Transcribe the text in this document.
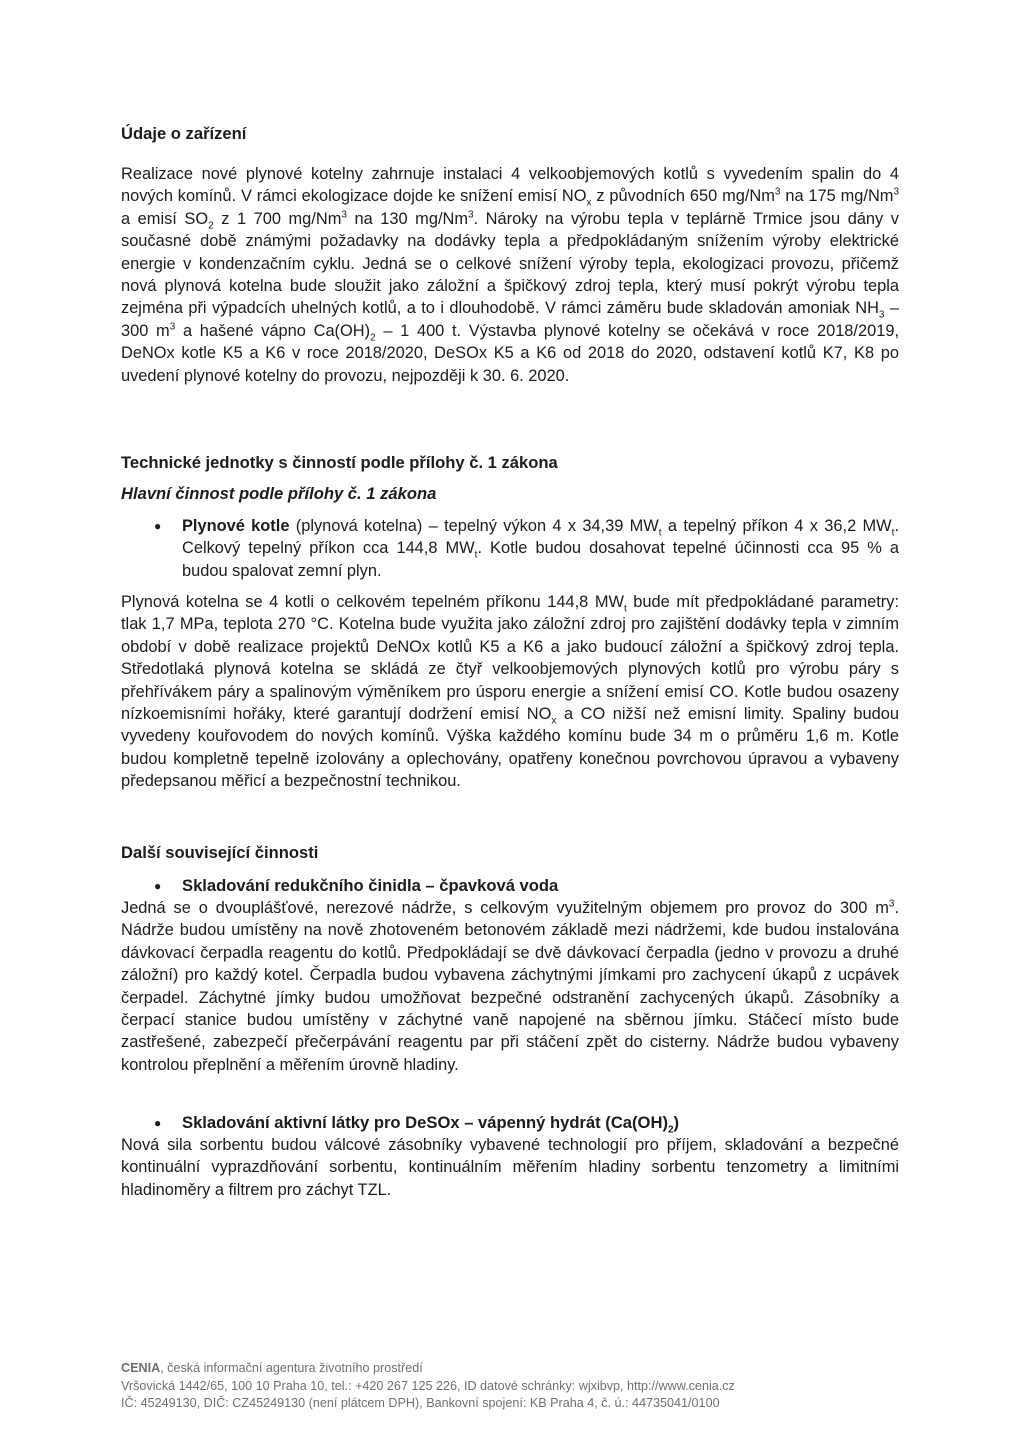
Údaje o zařízení

Realizace nové plynové kotelny zahrnuje instalaci 4 velkoobjemových kotlů s vyvedením spalin do 4 nových komínů. V rámci ekologizace dojde ke snížení emisí $NO_x$ z původních 650 mg/Nm$^3$ na 175 mg/Nm$^3$ a emisí $SO_2$ z 1 700 mg/Nm$^3$ na 130 mg/Nm$^3$. Nároky na výrobu tepla v teplárně Trmice jsou dány v současné době známými požadavky na dodávky tepla a předpokládaným snížením výroby elektrické energie v kondenzačním cyklu. Jedná se o celkové snížení výroby tepla, ekologizaci provozu, přičemž nová plynová kotelna bude sloužit jako záložní a špičkový zdroj tepla, který musí pokrýt výrobu tepla zejména při výpadcích uhelných kotlů, a to i dlouhodobě. V rámci záměru bude skladován amoniak $NH_3 - 300$ $m^3$ a hašené vápno $Ca(OH)_2 - 1$ 400 t. Výstavba plynové kotelny se očekává v roce 2018/2019, DeNOx kotle K5 a K6 v roce 2018/2020, DeSOx K5 a K6 od 2018 do 2020, odstavení kotlů K7, K8 po uvedení plynové kotelny do provozu, nejpozději k 30. 6. 2020.

Technické jednotky s činností podle přílohy č. 1 zákona
Hlavní činnost podle přílohy č. 1 zákona

● Plynové kotle (plynová kotelna) – tepelný výkon 4 x 34,39 $MW_t$ a tepelný příkon 4 x 36,2 $MW_t$. Celkový tepelný příkon cca 144,8 $MW_t$. Kotle budou dosahovat tepelné účinnosti cca 95 % a budou spalovat zemní plyn.

Plynová kotelna se 4 kotli o celkovém tepelném příkonu 144,8 $MW_t$ bude mít předpokládané parametry: tlak 1,7 MPa, teplota 270 °C. Kotelna bude využita jako záložní zdroj pro zajištění dodávky tepla v zimním období v době realizace projektů DeNOx kotlů K5 a K6 a jako budoucí záložní a špičkový zdroj tepla. Středotlaká plynová kotelna se skládá ze čtyř velkoobjemových plynových kotlů pro výrobu páry s přehřívákem páry a spalinovým výměníkem pro úsporu energie a snížení emisí CO. Kotle budou osazeny nízkoemisními hořáky, které garantují dodržení emisí $NO_x$ a CO nižší než emisní limity. Spaliny budou vyvedeny kouřovodem do nových komínů. Výška každého komínu bude 34 m o průměru 1,6 m. Kotle budou kompletně tepelně izolovány a oplechovány, opatřeny konečnou povrchovou úpravou a vybaveny předepsanou měřicí a bezpečnostní technikou.

Další související činnosti

● Skladování redukčního činidla – čpavková voda

Jedná se o dvouplášťové, nerezové nádrže, s celkovým využitelným objemem pro provoz do 300 $m^3$. Nádrže budou umístěny na nově zhotoveném betonovém základě mezi nádržemi, kde budou instalována dávkovací čerpadla reagentu do kotlů. Předpokládají se dvě dávkovací čerpadla (jedno v provozu a druhé záložní) pro každý kotel. Čerpadla budou vybavena záchytnými jímkami pro zachycení úkapů z ucpávek čerpadel. Záchytné jímky budou umožňovat bezpečné odstranění zachycených úkapů. Zásobníky a čerpací stanice budou umístěny v záchytné vaně napojené na sběrnou jímku. Stáčecí místo bude zastřešené, zabezpečí přečerpávání reagentu par při stáčení zpět do cisterny. Nádrže budou vybaveny kontrolou přeplnění a měřením úrovně hladiny.

● Skladování aktivní látky pro DeSOx – vápenný hydrát $(Ca(OH)_2)$

Nová sila sorbentu budou válcové zásobníky vybavené technologií pro příjem, skladování a bezpečné kontinuální vyprazdňování sorbentu, kontinuálním měřením hladiny sorbentu tenzometry a limitními hladinoměry a filtrem pro záchyt TZL.

CENIA, česká informační agentura životního prostředí
Vršovická 1442/65, 100 10 Praha 10, tel.: +420 267 125 226, ID datové schránky: wjxibvp, http://www.cenia.cz
IČ: 45249130, DIČ: CZ45249130 (není plátcem DPH), Bankovní spojení: KB Praha 4, č. ú.: 44735041/0100
